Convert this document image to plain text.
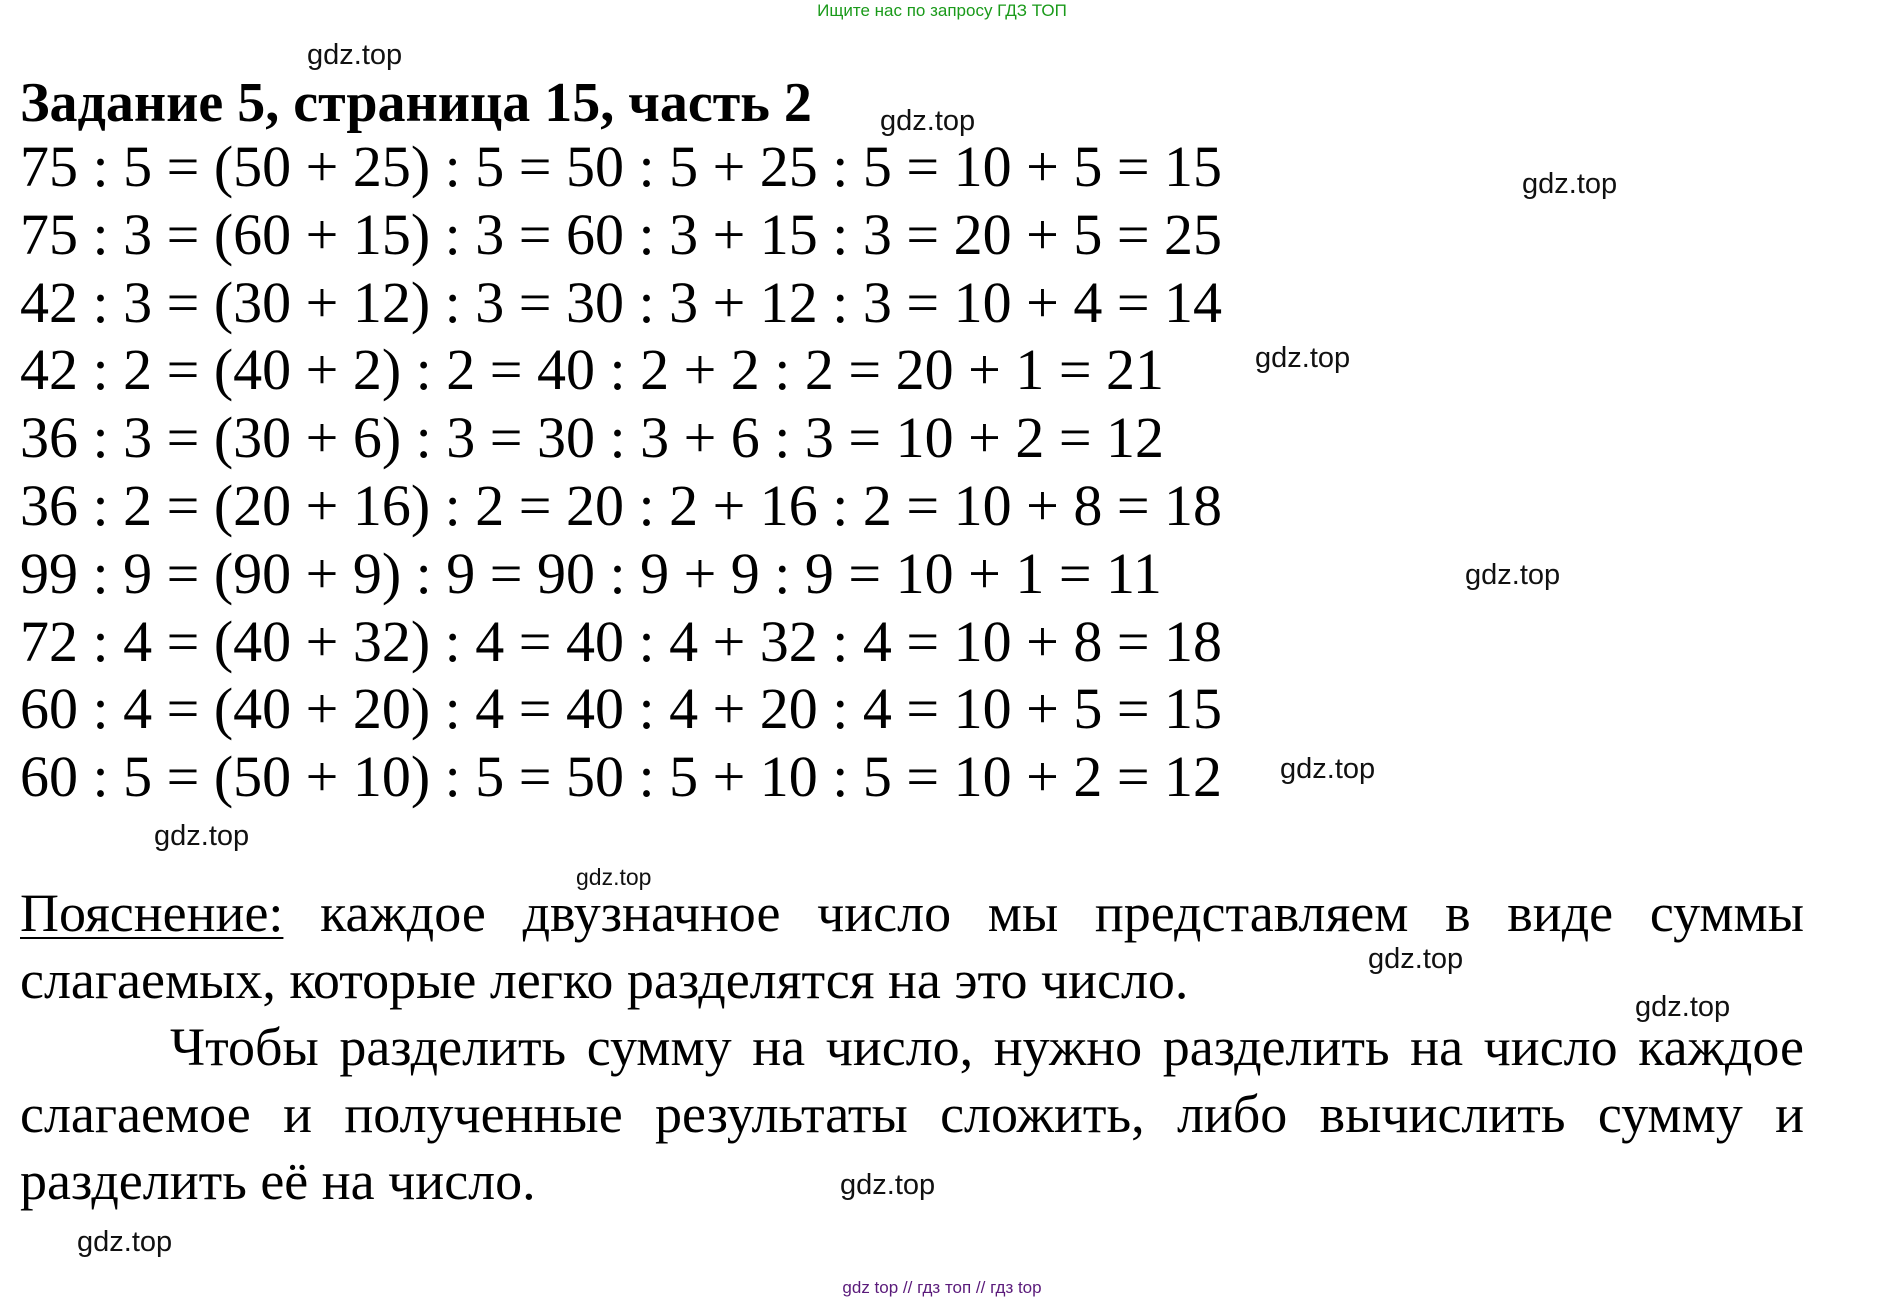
Ищите нас по запросу ГДЗ ТОП
Задание 5, страница 15, часть 2
75 : 5 = (50 + 25) : 5 = 50 : 5 + 25 : 5 = 10 + 5 = 15
75 : 3 = (60 + 15) : 3 = 60 : 3 + 15 : 3 = 20 + 5 = 25
42 : 3 = (30 + 12) : 3 = 30 : 3 + 12 : 3 = 10 + 4 = 14
42 : 2 = (40 + 2) : 2 = 40 : 2 + 2 : 2 = 20 + 1 = 21
36 : 3 = (30 + 6) : 3 = 30 : 3 + 6 : 3 = 10 + 2 = 12
36 : 2 = (20 + 16) : 2 = 20 : 2 + 16 : 2 = 10 + 8 = 18
99 : 9 = (90 + 9) : 9 = 90 : 9 + 9 : 9 = 10 + 1 = 11
72 : 4 = (40 + 32) : 4 = 40 : 4 + 32 : 4 = 10 + 8 = 18
60 : 4 = (40 + 20) : 4 = 40 : 4 + 20 : 4 = 10 + 5 = 15
60 : 5 = (50 + 10) : 5 = 50 : 5 + 10 : 5 = 10 + 2 = 12

Пояснение: каждое двузначное число мы представляем в виде суммы слагаемых, которые легко разделятся на это число.

Чтобы разделить сумму на число, нужно разделить на число каждое слагаемое и полученные результаты сложить, либо вычислить сумму и разделить её на число.

gdz.top
gdz.top
gdz.top
gdz.top
gdz.top
gdz.top
gdz.top
gdz.top
gdz.top
gdz.top
gdz.top
gdz.top
gdz top // гдз топ // гдз top
